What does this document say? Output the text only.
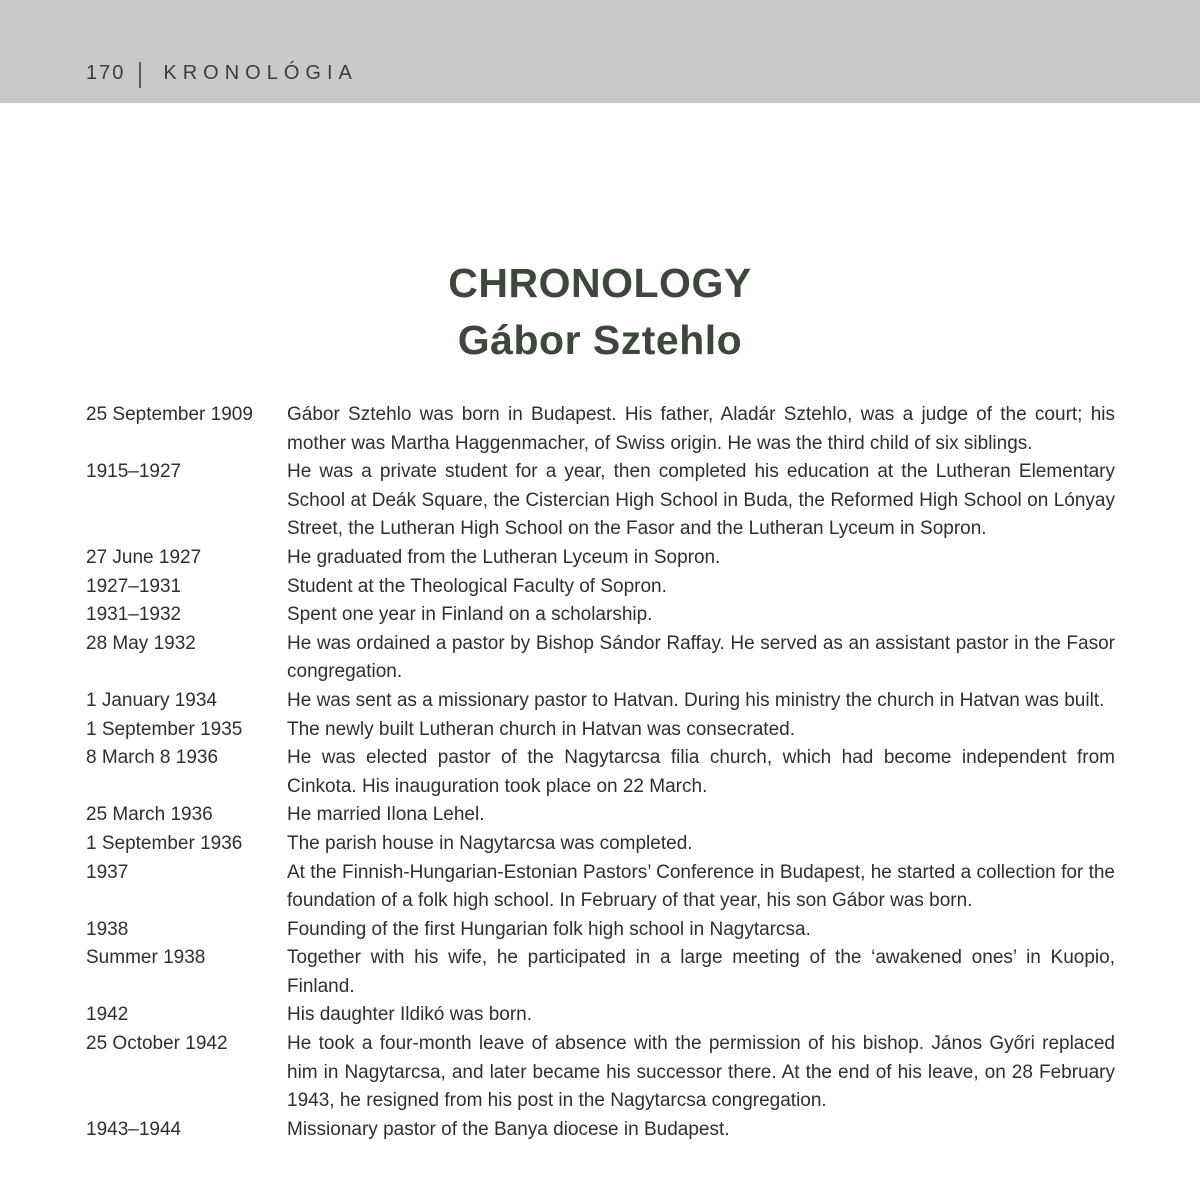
170 KRONOLÓGIA
CHRONOLOGY
Gábor Sztehlo
25 September 1909	Gábor Sztehlo was born in Budapest. His father, Aladár Sztehlo, was a judge of the court; his mother was Martha Haggenmacher, of Swiss origin. He was the third child of six siblings.
1915–1927	He was a private student for a year, then completed his education at the Lutheran Elementary School at Deák Square, the Cistercian High School in Buda, the Reformed High School on Lónyay Street, the Lutheran High School on the Fasor and the Lutheran Lyceum in Sopron.
27 June 1927	He graduated from the Lutheran Lyceum in Sopron.
1927–1931	Student at the Theological Faculty of Sopron.
1931–1932	Spent one year in Finland on a scholarship.
28 May 1932	He was ordained a pastor by Bishop Sándor Raffay. He served as an assistant pastor in the Fasor congregation.
1 January 1934	He was sent as a missionary pastor to Hatvan. During his ministry the church in Hatvan was built.
1 September 1935	The newly built Lutheran church in Hatvan was consecrated.
8 March 8 1936	He was elected pastor of the Nagytarcsa filia church, which had become independent from Cinkota. His inauguration took place on 22 March.
25 March 1936	He married Ilona Lehel.
1 September 1936	The parish house in Nagytarcsa was completed.
1937	At the Finnish-Hungarian-Estonian Pastors’ Conference in Budapest, he started a collection for the foundation of a folk high school. In February of that year, his son Gábor was born.
1938	Founding of the first Hungarian folk high school in Nagytarcsa.
Summer 1938	Together with his wife, he participated in a large meeting of the ‘awakened ones’ in Kuopio, Finland.
1942	His daughter Ildikó was born.
25 October 1942	He took a four-month leave of absence with the permission of his bishop. János Győri replaced him in Nagytarcsa, and later became his successor there. At the end of his leave, on 28 February 1943, he resigned from his post in the Nagytarcsa congregation.
1943–1944	Missionary pastor of the Banya diocese in Budapest.
